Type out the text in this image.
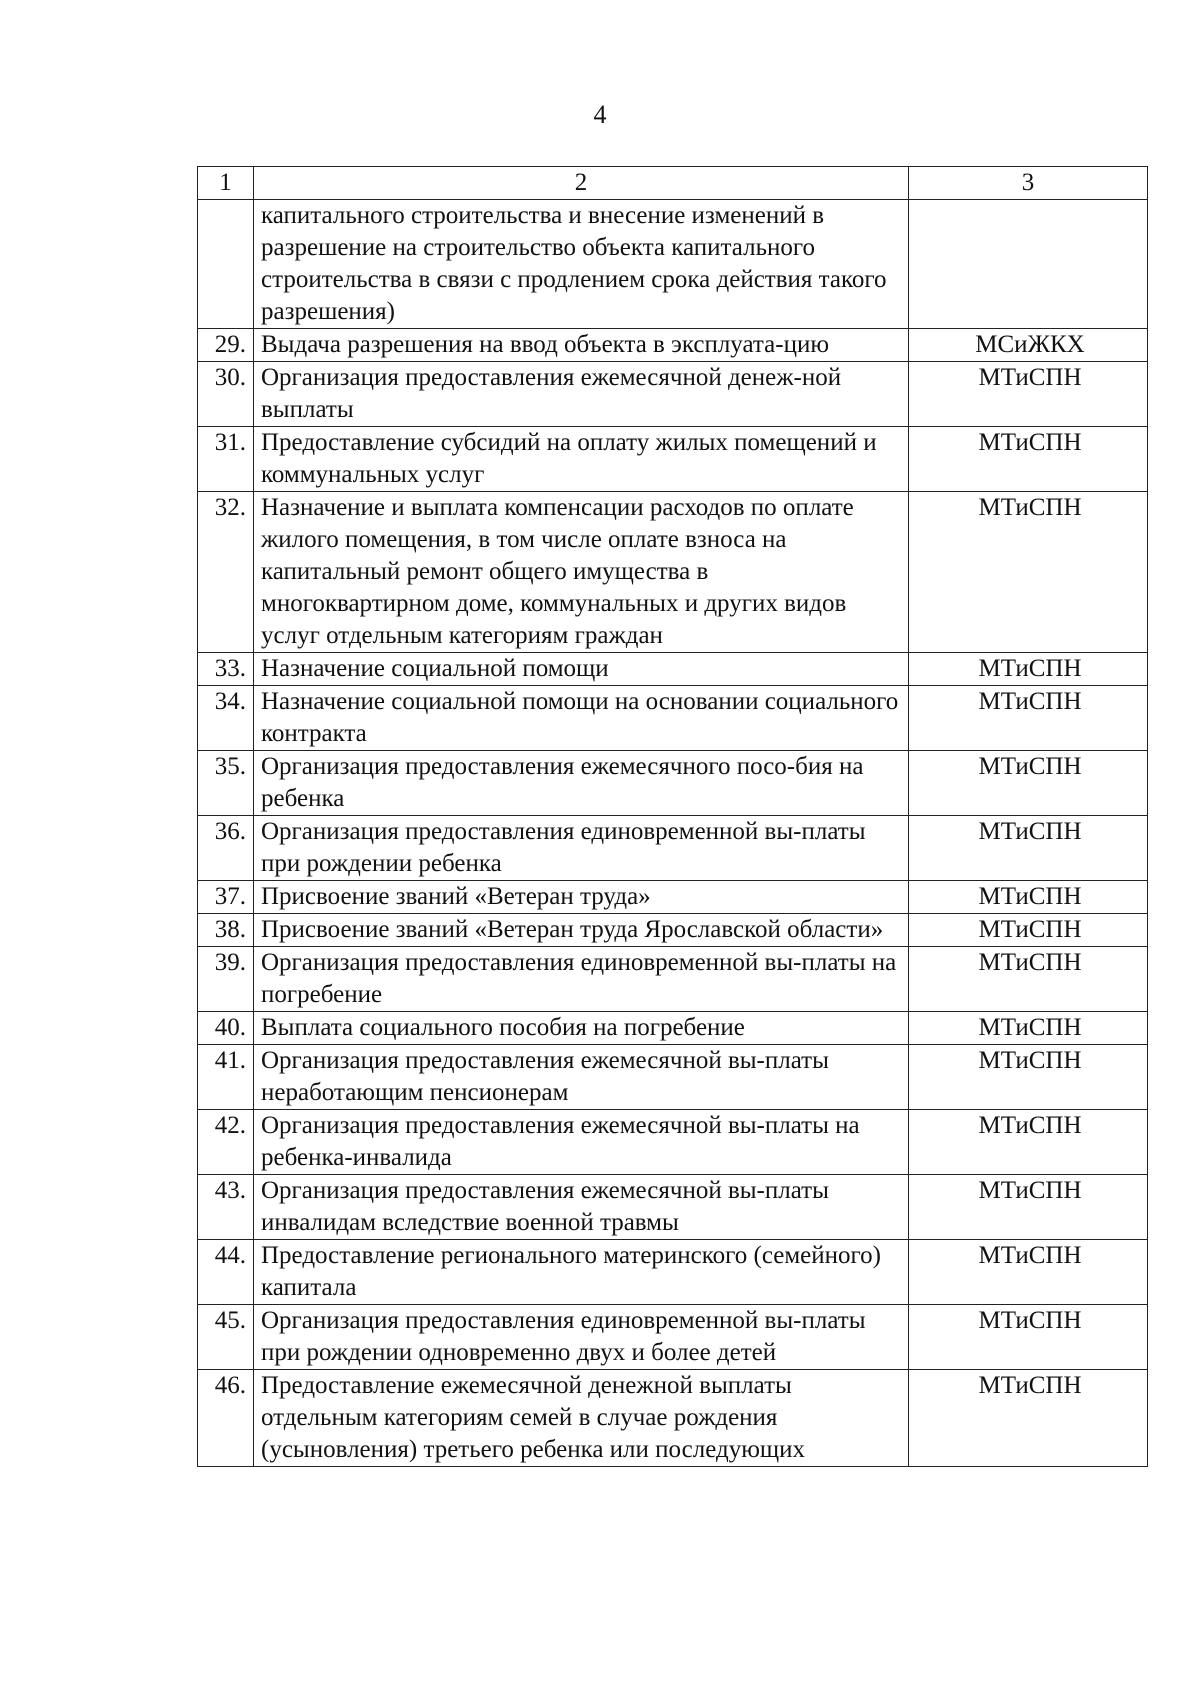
4
1	2	3
	капитального строительства и внесение изменений в разрешение на строительство объекта капитального строительства в связи с продлением срока действия такого разрешения)	
29.	Выдача разрешения на ввод объекта в эксплуата-цию	МСиЖКХ
30.	Организация предоставления ежемесячной денеж-ной выплаты	МТиСПН
31.	Предоставление субсидий на оплату жилых помещений и коммунальных услуг	МТиСПН
32.	Назначение и выплата компенсации расходов по оплате жилого помещения, в том числе оплате взноса на капитальный ремонт общего имущества в многоквартирном доме, коммунальных и других видов услуг отдельным категориям граждан	МТиСПН
33.	Назначение социальной помощи	МТиСПН
34.	Назначение социальной помощи на основании социального контракта	МТиСПН
35.	Организация предоставления ежемесячного посо-бия на ребенка	МТиСПН
36.	Организация предоставления единовременной вы-платы при рождении ребенка	МТиСПН
37.	Присвоение званий «Ветеран труда»	МТиСПН
38.	Присвоение званий «Ветеран труда Ярославской области»	МТиСПН
39.	Организация предоставления единовременной вы-платы на погребение	МТиСПН
40.	Выплата социального пособия на погребение	МТиСПН
41.	Организация предоставления ежемесячной вы-платы неработающим пенсионерам	МТиСПН
42.	Организация предоставления ежемесячной вы-платы на ребенка-инвалида	МТиСПН
43.	Организация предоставления ежемесячной вы-платы инвалидам вследствие военной травмы	МТиСПН
44.	Предоставление регионального материнского (семейного) капитала	МТиСПН
45.	Организация предоставления единовременной вы-платы при рождении одновременно двух и более детей	МТиСПН
46.	Предоставление ежемесячной денежной выплаты отдельным категориям семей в случае рождения (усыновления) третьего ребенка или последующих	МТиСПН
